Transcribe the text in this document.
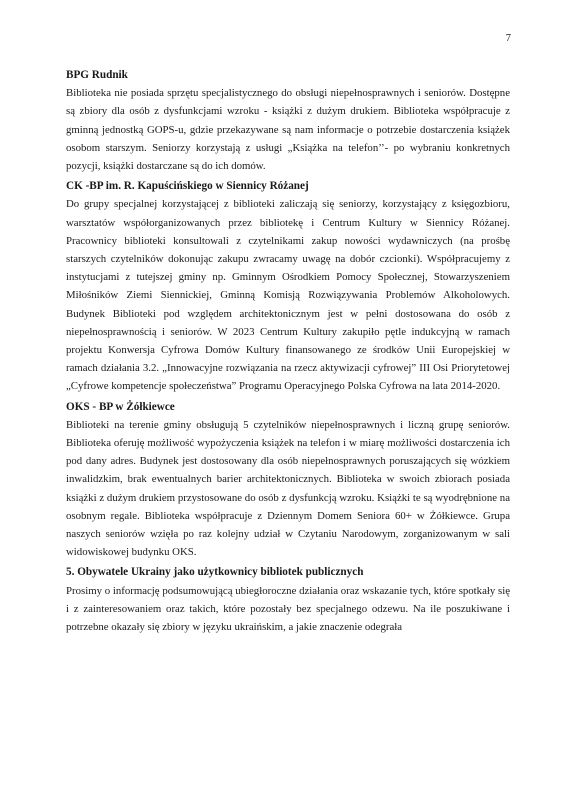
7
BPG Rudnik

Biblioteka nie posiada sprzętu specjalistycznego do obsługi niepełnosprawnych i seniorów. Dostępne są zbiory dla osób z dysfunkcjami wzroku - książki z dużym drukiem. Biblioteka współpracuje z gminną jednostką GOPS-u, gdzie przekazywane są nam informacje o potrzebie dostarczenia książek osobom starszym. Seniorzy korzystają z usługi „Książka na telefon’’- po wybraniu konkretnych pozycji, książki dostarczane są do ich domów.

CK -BP im. R. Kapuścińskiego w Siennicy Różanej

Do grupy specjalnej korzystającej z biblioteki zaliczają się seniorzy, korzystający z księgozbioru, warsztatów współorganizowanych przez bibliotekę i Centrum Kultury w Siennicy Różanej. Pracownicy biblioteki konsultowali z czytelnikami zakup nowości wydawniczych (na prośbę starszych czytelników dokonując zakupu zwracamy uwagę na dobór czcionki). Współpracujemy z instytucjami z tutejszej gminy np. Gminnym Ośrodkiem Pomocy Społecznej, Stowarzyszeniem Miłośników Ziemi Siennickiej, Gminną Komisją Rozwiązywania Problemów Alkoholowych. Budynek Biblioteki pod względem architektonicznym jest w pełni dostosowana do osób z niepełnosprawnością i seniorów. W 2023 Centrum Kultury zakupiło pętle indukcyjną w ramach projektu Konwersja Cyfrowa Domów Kultury finansowanego ze środków Unii Europejskiej w ramach działania 3.2. „Innowacyjne rozwiązania na rzecz aktywizacji cyfrowej” III Osi Priorytetowej „Cyfrowe kompetencje społeczeństwa” Programu Operacyjnego Polska Cyfrowa na lata 2014-2020.

OKS - BP w Żółkiewce

Biblioteki na terenie gminy obsługują 5 czytelników niepełnosprawnych i liczną grupę seniorów. Biblioteka oferuję możliwość wypożyczenia książek na telefon i w miarę możliwości dostarczenia ich pod dany adres. Budynek jest dostosowany dla osób niepełnosprawnych poruszających się wózkiem inwalidzkim, brak ewentualnych barier architektonicznych. Biblioteka w swoich zbiorach posiada książki z dużym drukiem przystosowane do osób z dysfunkcją wzroku. Książki te są wyodrębnione na osobnym regale. Biblioteka współpracuje z Dziennym Domem Seniora 60+ w Żółkiewce. Grupa naszych seniorów wzięła po raz kolejny udział w Czytaniu Narodowym, zorganizowanym w sali widowiskowej budynku OKS.

5. Obywatele Ukrainy jako użytkownicy bibliotek publicznych

Prosimy o informację podsumowującą ubiegłoroczne działania oraz wskazanie tych, które spotkały się i z zainteresowaniem oraz takich, które pozostały bez specjalnego odzewu. Na ile poszukiwane i potrzebne okazały się zbiory w języku ukraińskim, a jakie znaczenie odegrała
